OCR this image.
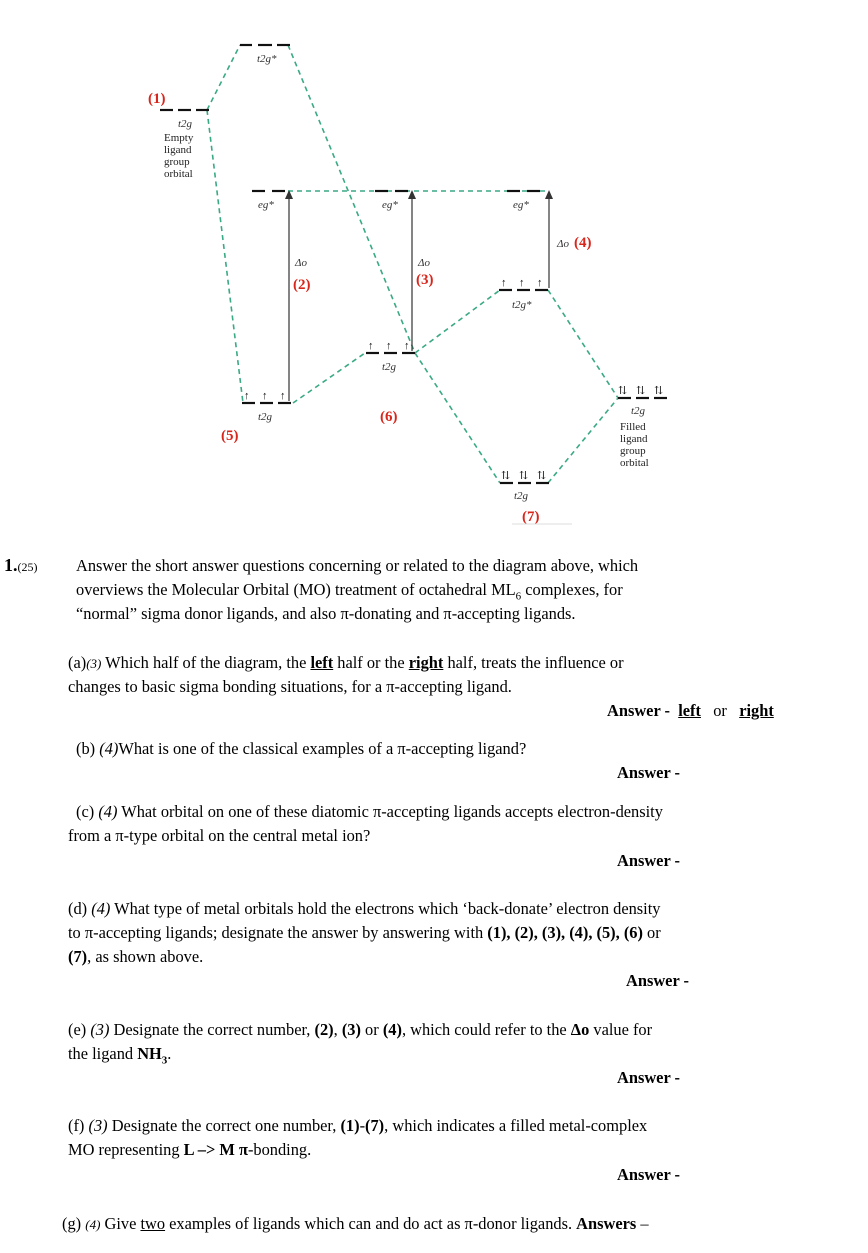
↑ ↑ ↑
↑ ↑ ↑
↑ ↑ ↑
⇅ ⇅ ⇅
⇅ ⇅ ⇅
t2g*
t2g
eg*	eg*	eg*
t2g*
t2g
t2g	t2g
t2g
Δo	Δo
Δo
(1)
(2)	(3)
(4)
(5)
(6)
(7)
Empty
ligand
group
orbital
Filled
ligand
group
orbital
1.(25) Answer the short answer questions concerning or related to the diagram above, which
overviews the Molecular Orbital (MO) treatment of octahedral $ML_6$ complexes, for
“normal” sigma donor ligands, and also π-donating and π-accepting ligands.
(a)(3) Which half of the diagram, the left half or the right half, treats the influence or
changes to basic sigma bonding situations, for a π-accepting ligand.
Answer - left or right
(b) (4)What is one of the classical examples of a π-accepting ligand?
Answer -
(c) (4) What orbital on one of these diatomic π-accepting ligands accepts electron-density
from a π-type orbital on the central metal ion?
Answer -
(d) (4) What type of metal orbitals hold the electrons which ‘back-donate’ electron density
to π-accepting ligands; designate the answer by answering with (1), (2), (3), (4), (5), (6) or
(7), as shown above.
Answer -
(e) (3) Designate the correct number, (2), (3) or (4), which could refer to the Δo value for
the ligand $NH_3$.
Answer -
(f) (3) Designate the correct one number, (1)-(7), which indicates a filled metal-complex
MO representing L –> M π-bonding.
Answer -
(g) (4) Give two examples of ligands which can and do act as π-donor ligands. Answers –
